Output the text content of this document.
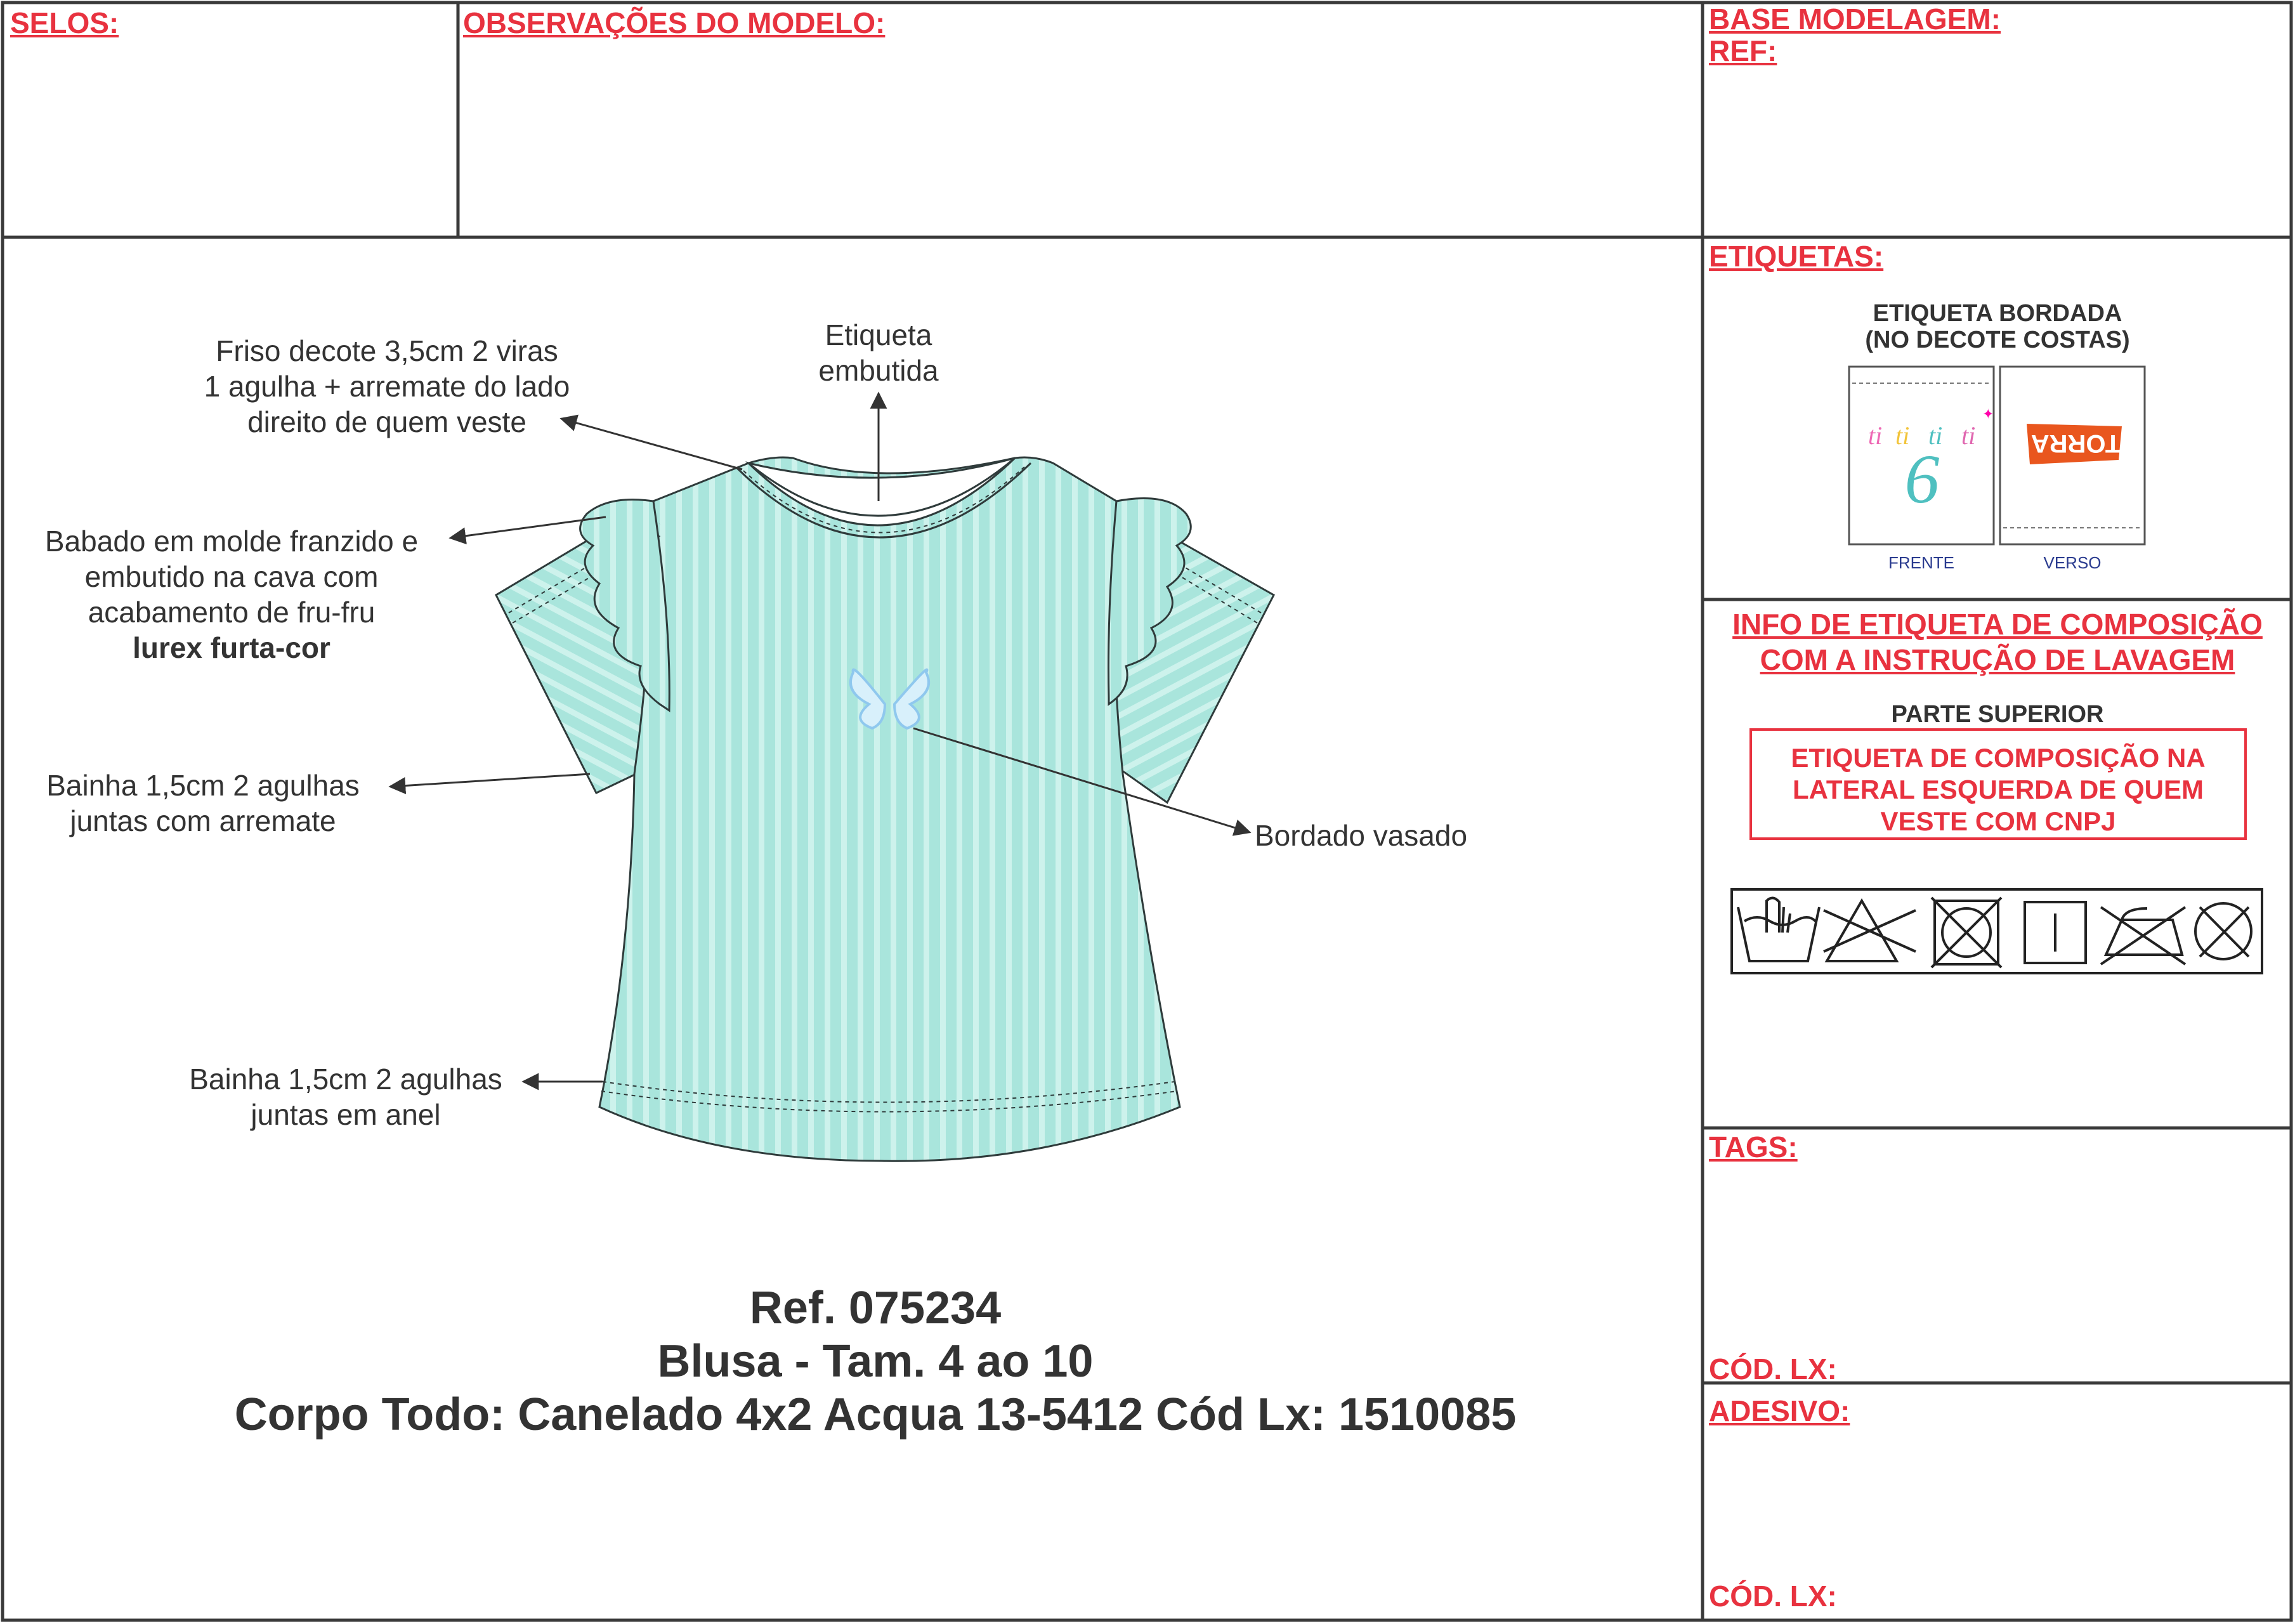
ti ti ti ti
✦
SELOS:	OBSERVAÇÕES DO MODELO:	BASE MODELAGEM:
REF:
Friso decote 3,5cm 2 viras
1 agulha + arremate do lado
direito de quem veste
Etiqueta
embutida
Babado em molde franzido e
embutido na cava com
acabamento de fru-fru
lurex furta-cor
Bainha 1,5cm 2 agulhas
juntas com arremate	Bordado vasado
Bainha 1,5cm 2 agulhas
juntas em anel
Ref. 075234
Blusa - Tam. 4 ao 10
Corpo Todo: Canelado 4x2 Acqua 13-5412 Cód Lx: 1510085
ETIQUETAS:
ETIQUETA BORDADA
(NO DECOTE COSTAS)
6	TORRA
FRENTE	VERSO
INFO DE ETIQUETA DE COMPOSIÇÃO
COM A INSTRUÇÃO DE LAVAGEM
PARTE SUPERIOR
ETIQUETA DE COMPOSIÇÃO NA
LATERAL ESQUERDA DE QUEM
VESTE COM CNPJ
TAGS:
CÓD. LX:
ADESIVO:
CÓD. LX:
